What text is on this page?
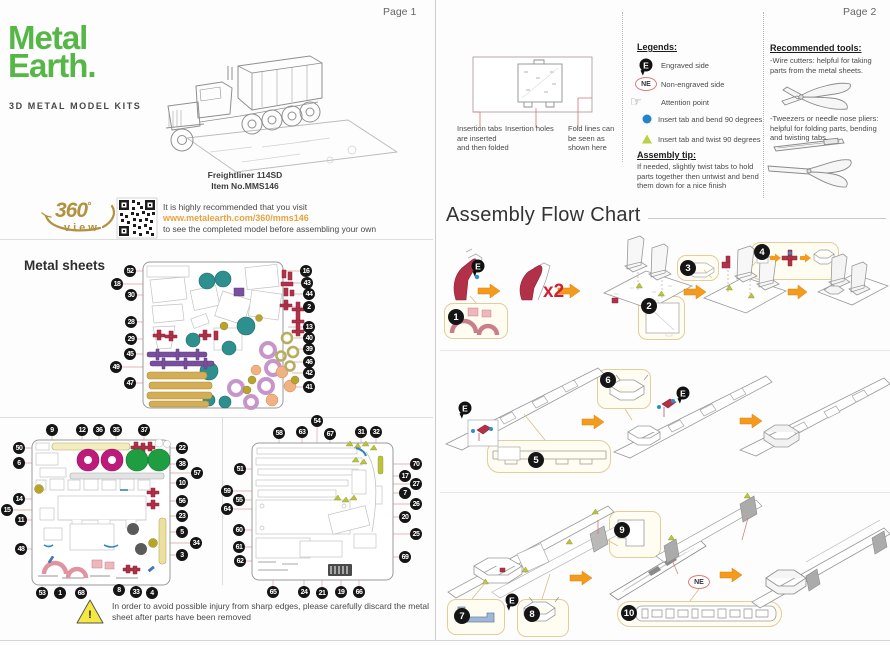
Page 1	Page 2
Metal
Earth.
3D METAL MODEL KITS
Freightliner 114SD
Item No.MMS146
360°
view
It is highly recommended that you visit
www.metalearth.com/360/mms146
to see the completed model before assembling your own
Metal sheets
!
In order to avoid possible injury from sharp edges, please carefully discard the metal sheet after parts have been removed
Insertion tabs are inserted and then folded
Insertion holes	Fold lines can be seen as shown here
Legends:
E	Engraved side
NE	Non-engraved side
☞	Attention point
Insert tab and bend 90 degrees
Insert tab and twist 90 degrees
Assembly tip:
If needed, slightly twist tabs to hold parts together then untwist and bend them down for a nice finish
Recommended tools:
-Wire cutters: helpful for taking parts from the metal sheets.
-Tweezers or needle nose pliers: helpful for folding parts, bending and twisting tabs.
Assembly Flow Chart
1
2
3
4
5
6
7	8
9
10
E
E
E
E
NE
x2
52
18
30
28
29
45
49
47
16
43
44
2
13
40
39
46
42
41
9	12	36	35	37
50
6
14
15
11
48
22
38
57
10
56
23
5
34
3
53	1	68	8	33	4
58	63
54
67	31	32
51
59
55
64
60
61
62
70
17
27
7
26
20
25
69
65	24	21	19	66
